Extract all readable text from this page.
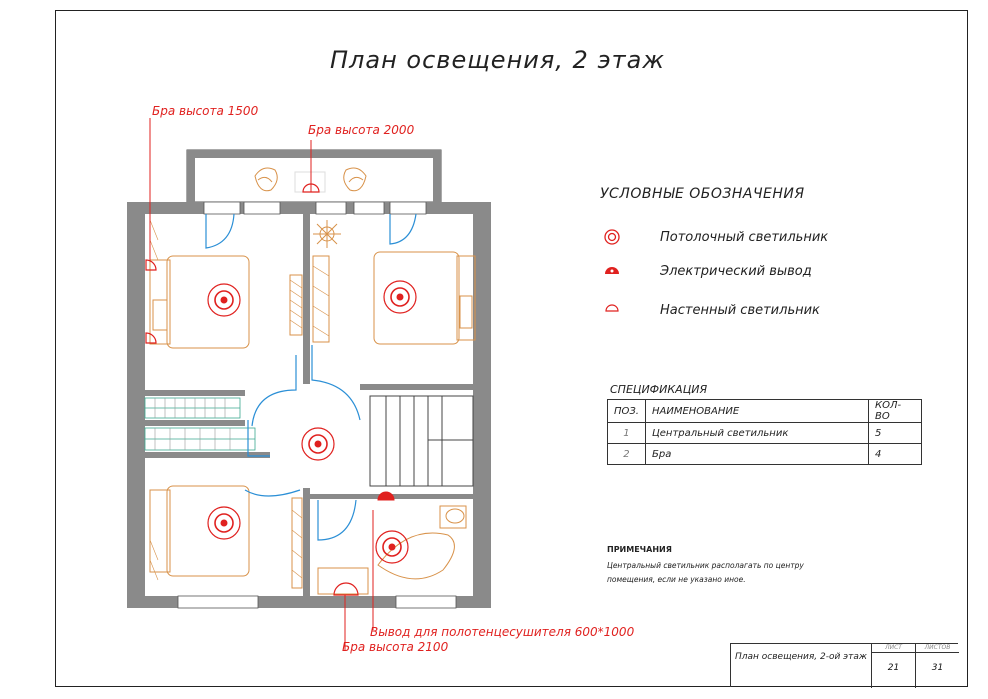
План освещения, 2 этаж
Бра высота 1500
Бра высота 2000
Вывод для полотенцесушителя 600*1000
Бра высота 2100
УСЛОВНЫЕ ОБОЗНАЧЕНИЯ
Потолочный светильник
Электрический вывод
Настенный светильник
СПЕЦИФИКАЦИЯ
ПОЗ.	НАИМЕНОВАНИЕ	КОЛ-ВО
1	Центральный светильник	5
2	Бра	4
ПРИМЕЧАНИЯ
Центральный светильник располагать по центру помещения, если не указано иное.
План освещения, 2-ой этаж
ЛИСТ
21
ЛИСТОВ
31
